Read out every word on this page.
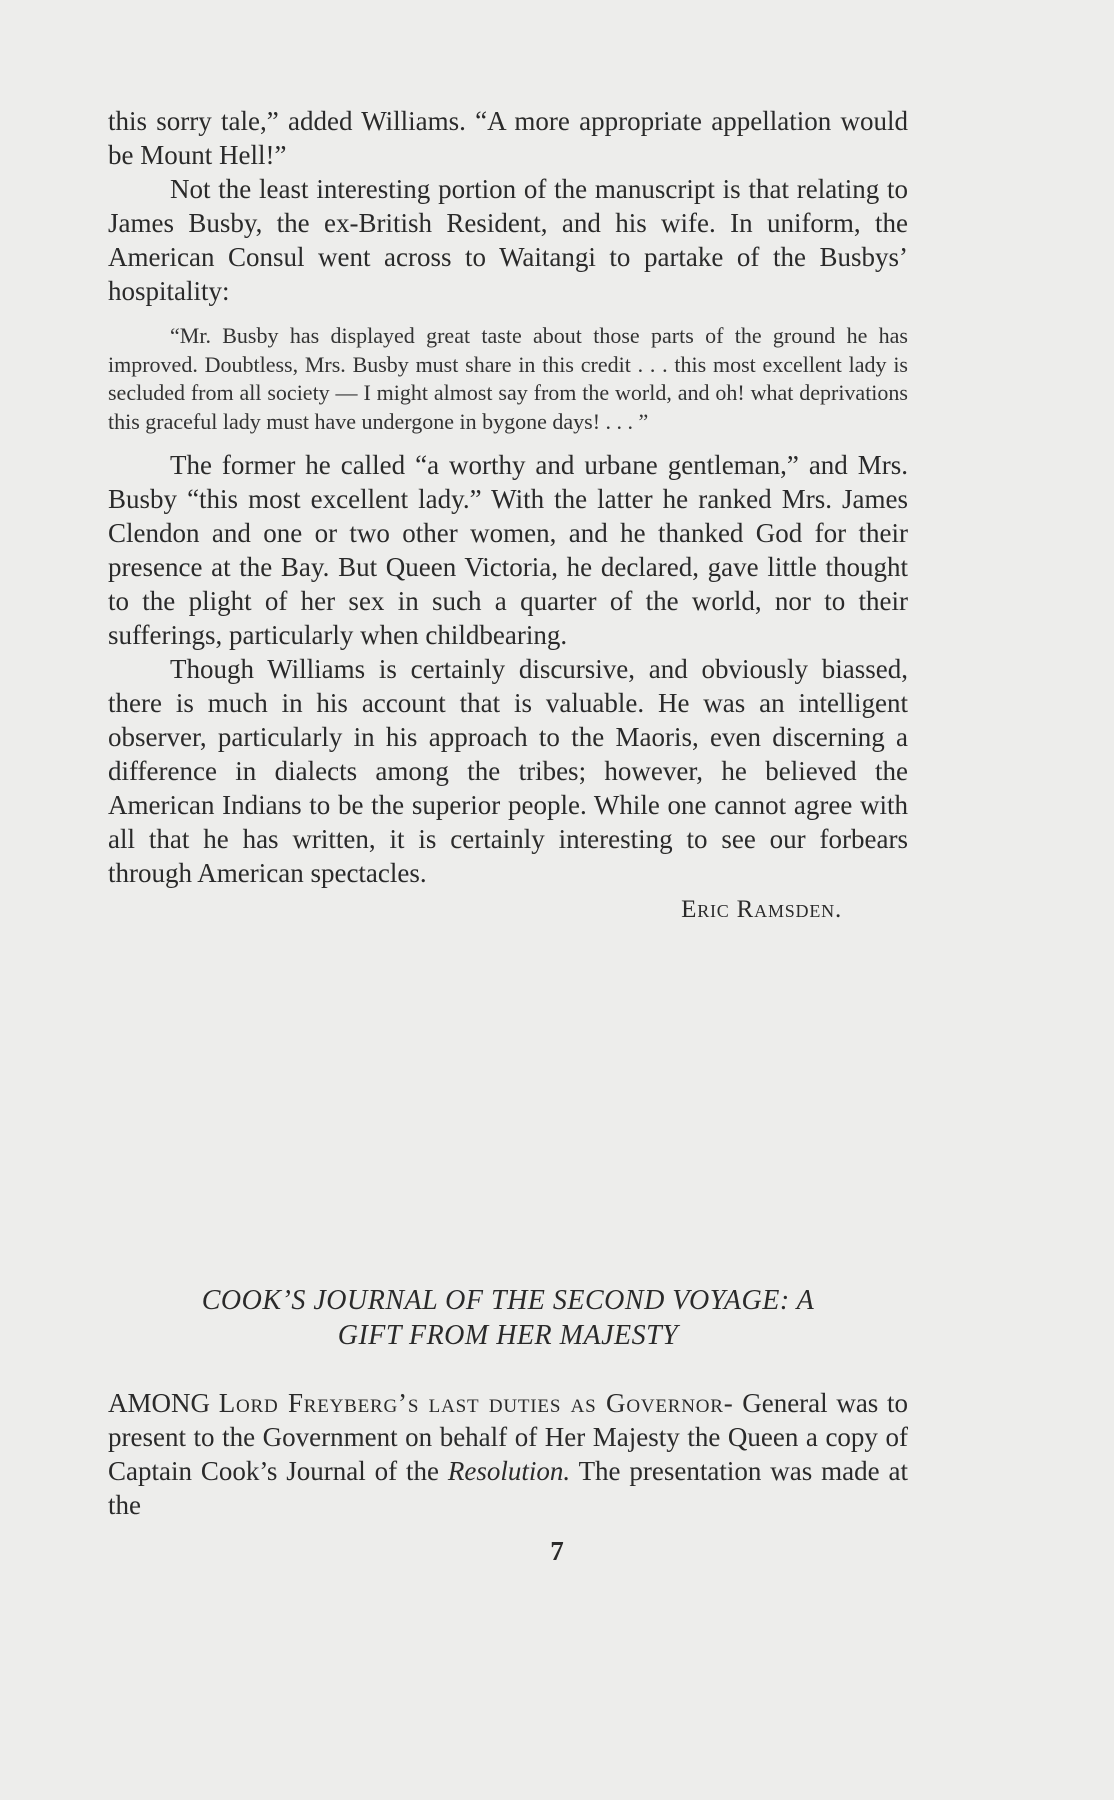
this sorry tale,” added Williams. “A more appropriate appellation would be Mount Hell!”

Not the least interesting portion of the manuscript is that relating to James Busby, the ex-British Resident, and his wife. In uniform, the American Consul went across to Waitangi to partake of the Busbys’ hospitality:

“Mr. Busby has displayed great taste about those parts of the ground he has improved. Doubtless, Mrs. Busby must share in this credit . . . this most excellent lady is secluded from all society — I might almost say from the world, and oh! what deprivations this graceful lady must have undergone in bygone days! . . . ”

The former he called “a worthy and urbane gentleman,” and Mrs. Busby “this most excellent lady.” With the latter he ranked Mrs. James Clendon and one or two other women, and he thanked God for their presence at the Bay. But Queen Victoria, he declared, gave little thought to the plight of her sex in such a quarter of the world, nor to their sufferings, particularly when childbearing.

Though Williams is certainly discursive, and obviously biassed, there is much in his account that is valuable. He was an intelligent observer, particularly in his approach to the Maoris, even discerning a difference in dialects among the tribes; however, he believed the American Indians to be the superior people. While one cannot agree with all that he has written, it is certainly interesting to see our forbears through American spectacles.

Eric Ramsden.

COOK’S JOURNAL OF THE SECOND VOYAGE: A

GIFT FROM HER MAJESTY

AMONG Lord Freyberg’s last duties as Governor- General was to present to the Government on behalf of Her Majesty the Queen a copy of Captain Cook’s Journal of the Resolution. The presentation was made at the

7
